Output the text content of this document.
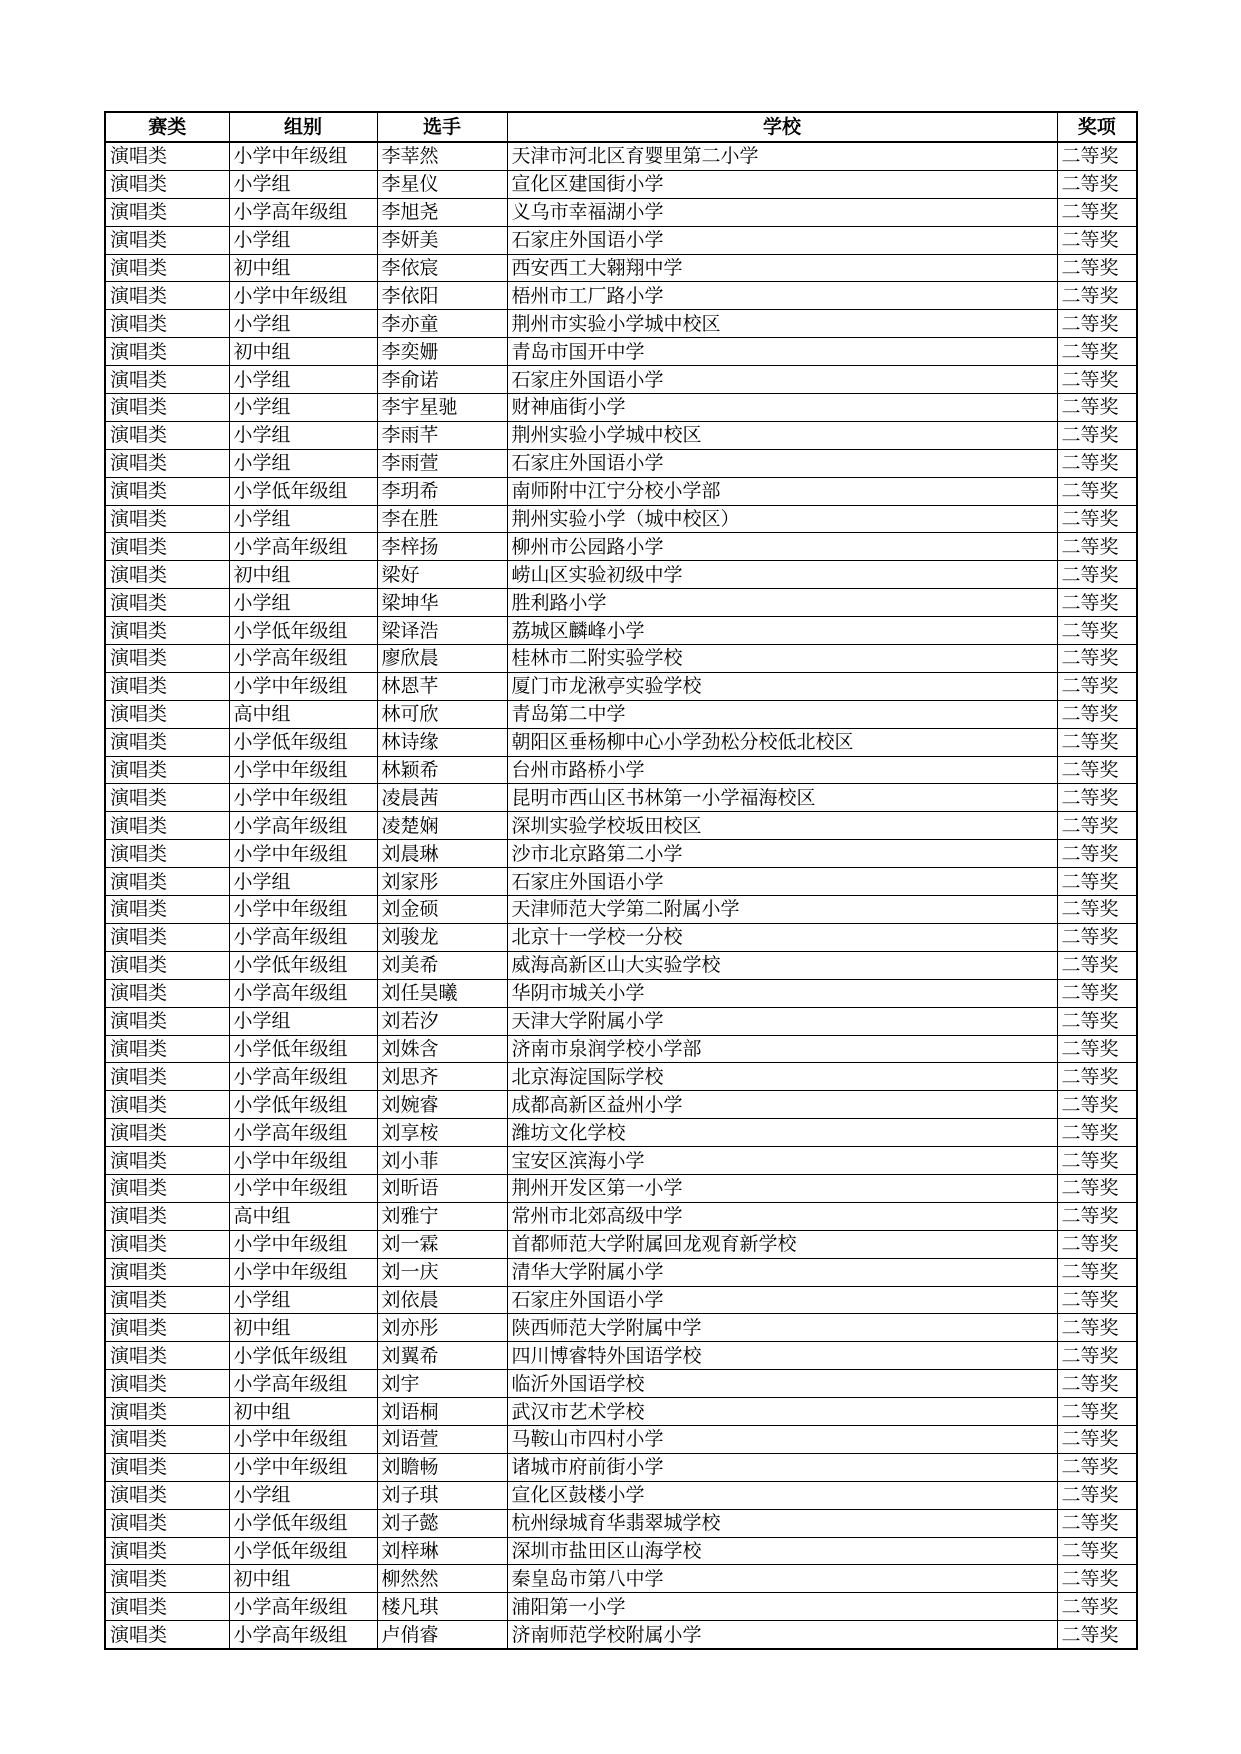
赛类	组别	选手	学校	奖项
演唱类	小学中年级组	李莘然	天津市河北区育婴里第二小学	二等奖
演唱类	小学组	李星仪	宣化区建国街小学	二等奖
演唱类	小学高年级组	李旭尧	义乌市幸福湖小学	二等奖
演唱类	小学组	李妍美	石家庄外国语小学	二等奖
演唱类	初中组	李依宸	西安西工大翱翔中学	二等奖
演唱类	小学中年级组	李依阳	梧州市工厂路小学	二等奖
演唱类	小学组	李亦童	荆州市实验小学城中校区	二等奖
演唱类	初中组	李奕姗	青岛市国开中学	二等奖
演唱类	小学组	李俞诺	石家庄外国语小学	二等奖
演唱类	小学组	李宇星驰	财神庙街小学	二等奖
演唱类	小学组	李雨芊	荆州实验小学城中校区	二等奖
演唱类	小学组	李雨萱	石家庄外国语小学	二等奖
演唱类	小学低年级组	李玥希	南师附中江宁分校小学部	二等奖
演唱类	小学组	李在胜	荆州实验小学（城中校区）	二等奖
演唱类	小学高年级组	李梓扬	柳州市公园路小学	二等奖
演唱类	初中组	梁好	崂山区实验初级中学	二等奖
演唱类	小学组	梁坤华	胜利路小学	二等奖
演唱类	小学低年级组	梁译浩	荔城区麟峰小学	二等奖
演唱类	小学高年级组	廖欣晨	桂林市二附实验学校	二等奖
演唱类	小学中年级组	林恩芊	厦门市龙湫亭实验学校	二等奖
演唱类	高中组	林可欣	青岛第二中学	二等奖
演唱类	小学低年级组	林诗缘	朝阳区垂杨柳中心小学劲松分校低北校区	二等奖
演唱类	小学中年级组	林颖希	台州市路桥小学	二等奖
演唱类	小学中年级组	凌晨茜	昆明市西山区书林第一小学福海校区	二等奖
演唱类	小学高年级组	凌楚娴	深圳实验学校坂田校区	二等奖
演唱类	小学中年级组	刘晨琳	沙市北京路第二小学	二等奖
演唱类	小学组	刘家彤	石家庄外国语小学	二等奖
演唱类	小学中年级组	刘金硕	天津师范大学第二附属小学	二等奖
演唱类	小学高年级组	刘骏龙	北京十一学校一分校	二等奖
演唱类	小学低年级组	刘美希	威海高新区山大实验学校	二等奖
演唱类	小学高年级组	刘任昊曦	华阴市城关小学	二等奖
演唱类	小学组	刘若汐	天津大学附属小学	二等奖
演唱类	小学低年级组	刘姝含	济南市泉润学校小学部	二等奖
演唱类	小学高年级组	刘思齐	北京海淀国际学校	二等奖
演唱类	小学低年级组	刘婉睿	成都高新区益州小学	二等奖
演唱类	小学高年级组	刘享桉	潍坊文化学校	二等奖
演唱类	小学中年级组	刘小菲	宝安区滨海小学	二等奖
演唱类	小学中年级组	刘昕语	荆州开发区第一小学	二等奖
演唱类	高中组	刘雅宁	常州市北郊高级中学	二等奖
演唱类	小学中年级组	刘一霖	首都师范大学附属回龙观育新学校	二等奖
演唱类	小学中年级组	刘一庆	清华大学附属小学	二等奖
演唱类	小学组	刘依晨	石家庄外国语小学	二等奖
演唱类	初中组	刘亦彤	陕西师范大学附属中学	二等奖
演唱类	小学低年级组	刘翼希	四川博睿特外国语学校	二等奖
演唱类	小学高年级组	刘宇	临沂外国语学校	二等奖
演唱类	初中组	刘语桐	武汉市艺术学校	二等奖
演唱类	小学中年级组	刘语萱	马鞍山市四村小学	二等奖
演唱类	小学中年级组	刘瞻畅	诸城市府前街小学	二等奖
演唱类	小学组	刘子琪	宣化区鼓楼小学	二等奖
演唱类	小学低年级组	刘子懿	杭州绿城育华翡翠城学校	二等奖
演唱类	小学低年级组	刘梓琳	深圳市盐田区山海学校	二等奖
演唱类	初中组	柳然然	秦皇岛市第八中学	二等奖
演唱类	小学高年级组	楼凡琪	浦阳第一小学	二等奖
演唱类	小学高年级组	卢俏睿	济南师范学校附属小学	二等奖
